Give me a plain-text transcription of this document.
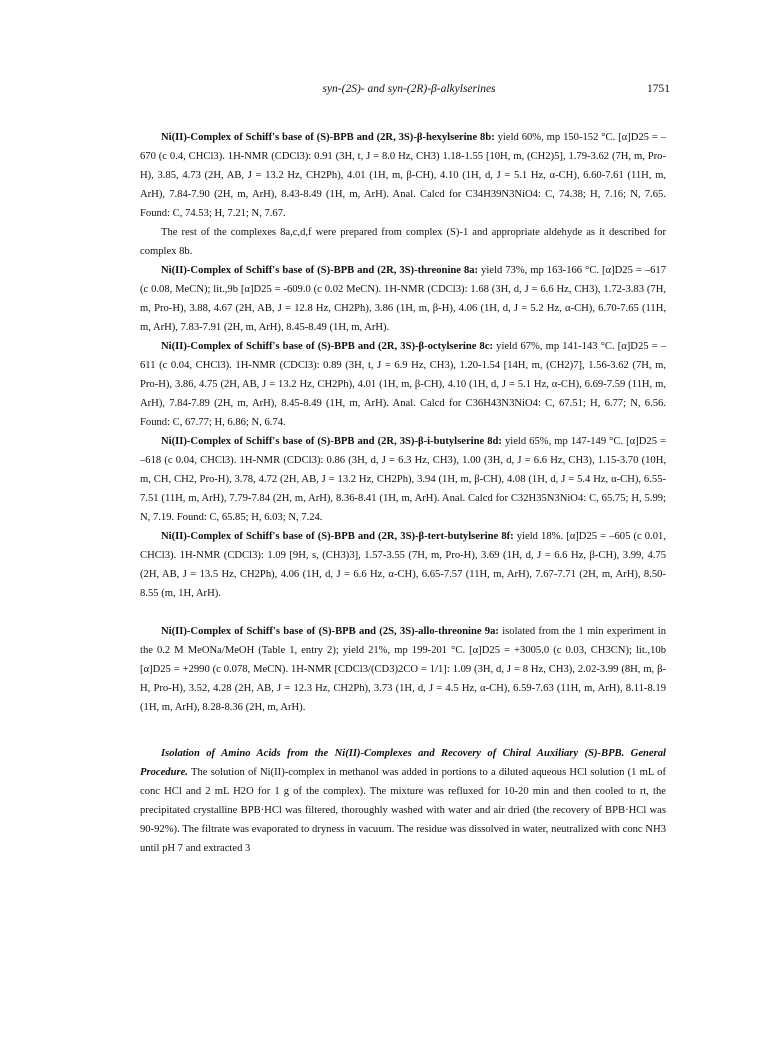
syn-(2S)- and syn-(2R)-β-alkylserines	1751

Ni(II)-Complex of Schiff's base of (S)-BPB and (2R, 3S)-β-hexylserine 8b: yield 60%, mp 150-152 °C. [α]D25 = –670 (c 0.4, CHCl3). 1H-NMR (CDCl3): 0.91 (3H, t, J = 8.0 Hz, CH3) 1.18-1.55 [10H, m, (CH2)5], 1.79-3.62 (7H, m, Pro-H), 3.85, 4.73 (2H, AB, J = 13.2 Hz, CH2Ph), 4.01 (1H, m, β-CH), 4.10 (1H, d, J = 5.1 Hz, α-CH), 6.60-7.61 (11H, m, ArH), 7.84-7.90 (2H, m, ArH), 8.43-8.49 (1H, m, ArH). Anal. Calcd for C34H39N3NiO4: C, 74.38; H, 7.16; N, 7.65. Found: C, 74.53; H, 7.21; N, 7.67.

The rest of the complexes 8a,c,d,f were prepared from complex (S)-1 and appropriate aldehyde as it described for complex 8b.

Ni(II)-Complex of Schiff's base of (S)-BPB and (2R, 3S)-threonine 8a: yield 73%, mp 163-166 °C. [α]D25 = –617 (c 0.08, MeCN); lit.,9b [α]D25 = -609.0 (c 0.02 MeCN). 1H-NMR (CDCl3): 1.68 (3H, d, J = 6.6 Hz, CH3), 1.72-3.83 (7H, m, Pro-H), 3.88, 4.67 (2H, AB, J = 12.8 Hz, CH2Ph), 3.86 (1H, m, β-H), 4.06 (1H, d, J = 5.2 Hz, α-CH), 6.70-7.65 (11H, m, ArH), 7.83-7.91 (2H, m, ArH), 8.45-8.49 (1H, m, ArH).

Ni(II)-Complex of Schiff's base of (S)-BPB and (2R, 3S)-β-octylserine 8c: yield 67%, mp 141-143 °C. [α]D25 = –611 (c 0.04, CHCl3). 1H-NMR (CDCl3): 0.89 (3H, t, J = 6.9 Hz, CH3), 1.20-1.54 [14H, m, (CH2)7], 1.56-3.62 (7H, m, Pro-H), 3.86, 4.75 (2H, AB, J = 13.2 Hz, CH2Ph), 4.01 (1H, m, β-CH), 4.10 (1H, d, J = 5.1 Hz, α-CH), 6.69-7.59 (11H, m, ArH), 7.84-7.89 (2H, m, ArH), 8.45-8.49 (1H, m, ArH). Anal. Calcd for C36H43N3NiO4: C, 67.51; H, 6.77; N, 6.56. Found: C, 67.77; H, 6.86; N, 6.74.

Ni(II)-Complex of Schiff's base of (S)-BPB and (2R, 3S)-β-i-butylserine 8d: yield 65%, mp 147-149 °C. [α]D25 = –618 (c 0.04, CHCl3). 1H-NMR (CDCl3): 0.86 (3H, d, J = 6.3 Hz, CH3), 1.00 (3H, d, J = 6.6 Hz, CH3), 1.15-3.70 (10H, m, CH, CH2, Pro-H), 3.78, 4.72 (2H, AB, J = 13.2 Hz, CH2Ph), 3.94 (1H, m, β-CH), 4.08 (1H, d, J = 5.4 Hz, α-CH), 6.55-7.51 (11H, m, ArH), 7.79-7.84 (2H, m, ArH), 8.36-8.41 (1H, m, ArH). Anal. Calcd for C32H35N3NiO4: C, 65.75; H, 5.99; N, 7.19. Found: C, 65.85; H, 6.03; N, 7.24.

Ni(II)-Complex of Schiff's base of (S)-BPB and (2R, 3S)-β-tert-butylserine 8f: yield 18%. [α]D25 = –605 (c 0.01, CHCl3). 1H-NMR (CDCl3): 1.09 [9H, s, (CH3)3], 1.57-3.55 (7H, m, Pro-H), 3.69 (1H, d, J = 6.6 Hz, β-CH), 3.99, 4.75 (2H, AB, J = 13.5 Hz, CH2Ph), 4.06 (1H, d, J = 6.6 Hz, α-CH), 6.65-7.57 (11H, m, ArH), 7.67-7.71 (2H, m, ArH), 8.50-8.55 (m, 1H, ArH).

Ni(II)-Complex of Schiff's base of (S)-BPB and (2S, 3S)-allo-threonine 9a: isolated from the 1 min experiment in the 0.2 M MeONa/MeOH (Table 1, entry 2); yield 21%, mp 199-201 °C. [α]D25 = +3005.0 (c 0.03, CH3CN); lit.,10b [α]D25 = +2990 (c 0.078, MeCN). 1H-NMR [CDCl3/(CD3)2CO = 1/1]: 1.09 (3H, d, J = 8 Hz, CH3), 2.02-3.99 (8H, m, β-H, Pro-H), 3.52, 4.28 (2H, AB, J = 12.3 Hz, CH2Ph), 3.73 (1H, d, J = 4.5 Hz, α-CH), 6.59-7.63 (11H, m, ArH), 8.11-8.19 (1H, m, ArH), 8.28-8.36 (2H, m, ArH).

Isolation of Amino Acids from the Ni(II)-Complexes and Recovery of Chiral Auxiliary (S)-BPB. General Procedure. The solution of Ni(II)-complex in methanol was added in portions to a diluted aqueous HCl solution (1 mL of conc HCl and 2 mL H2O for 1 g of the complex). The mixture was refluxed for 10-20 min and then cooled to rt, the precipitated crystalline BPB·HCl was filtered, thoroughly washed with water and air dried (the recovery of BPB·HCl was 90-92%). The filtrate was evaporated to dryness in vacuum. The residue was dissolved in water, neutralized with conc NH3 until pH 7 and extracted 3
